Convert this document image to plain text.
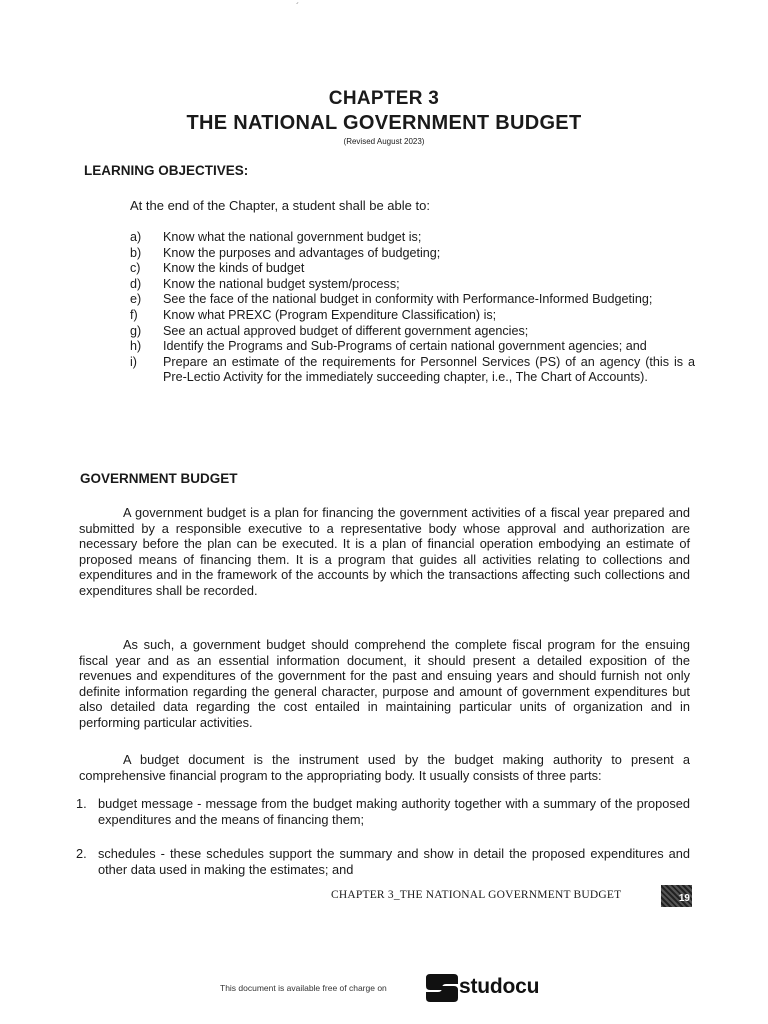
´
CHAPTER 3
THE NATIONAL GOVERNMENT BUDGET
(Revised August 2023)
LEARNING OBJECTIVES:
At the end of the Chapter, a student shall be able to:
a)	Know what the national government budget is;
b)	Know the purposes and advantages of budgeting;
c)	Know the kinds of budget
d)	Know the national budget system/process;
e)	See the face of the national budget in conformity with Performance-Informed Budgeting;
f)	Know what PREXC (Program Expenditure Classification) is;
g)	See an actual approved budget of different government agencies;
h)	Identify the Programs and Sub-Programs of certain national government agencies; and
i)	Prepare an estimate of the requirements for Personnel Services (PS) of an agency (this is a Pre-Lectio Activity for the immediately succeeding chapter, i.e., The Chart of Accounts).
GOVERNMENT BUDGET

A government budget is a plan for financing the government activities of a fiscal year prepared and submitted by a responsible executive to a representative body whose approval and authorization are necessary before the plan can be executed. It is a plan of financial operation embodying an estimate of proposed means of financing them. It is a program that guides all activities relating to collections and expenditures and in the framework of the accounts by which the transactions affecting such collections and expenditures shall be recorded.

As such, a government budget should comprehend the complete fiscal program for the ensuing fiscal year and as an essential information document, it should present a detailed exposition of the revenues and expenditures of the government for the past and ensuing years and should furnish not only definite information regarding the general character, purpose and amount of government expenditures but also detailed data regarding the cost entailed in maintaining particular units of organization and in performing particular activities.

A budget document is the instrument used by the budget making authority to present a comprehensive financial program to the appropriating body. It usually consists of three parts:

1. budget message - message from the budget making authority together with a summary of the proposed expenditures and the means of financing them;
2. schedules - these schedules support the summary and show in detail the proposed expenditures and other data used in making the estimates; and
CHAPTER 3_THE NATIONAL GOVERNMENT BUDGET	19
This document is available free of charge on	studocu
